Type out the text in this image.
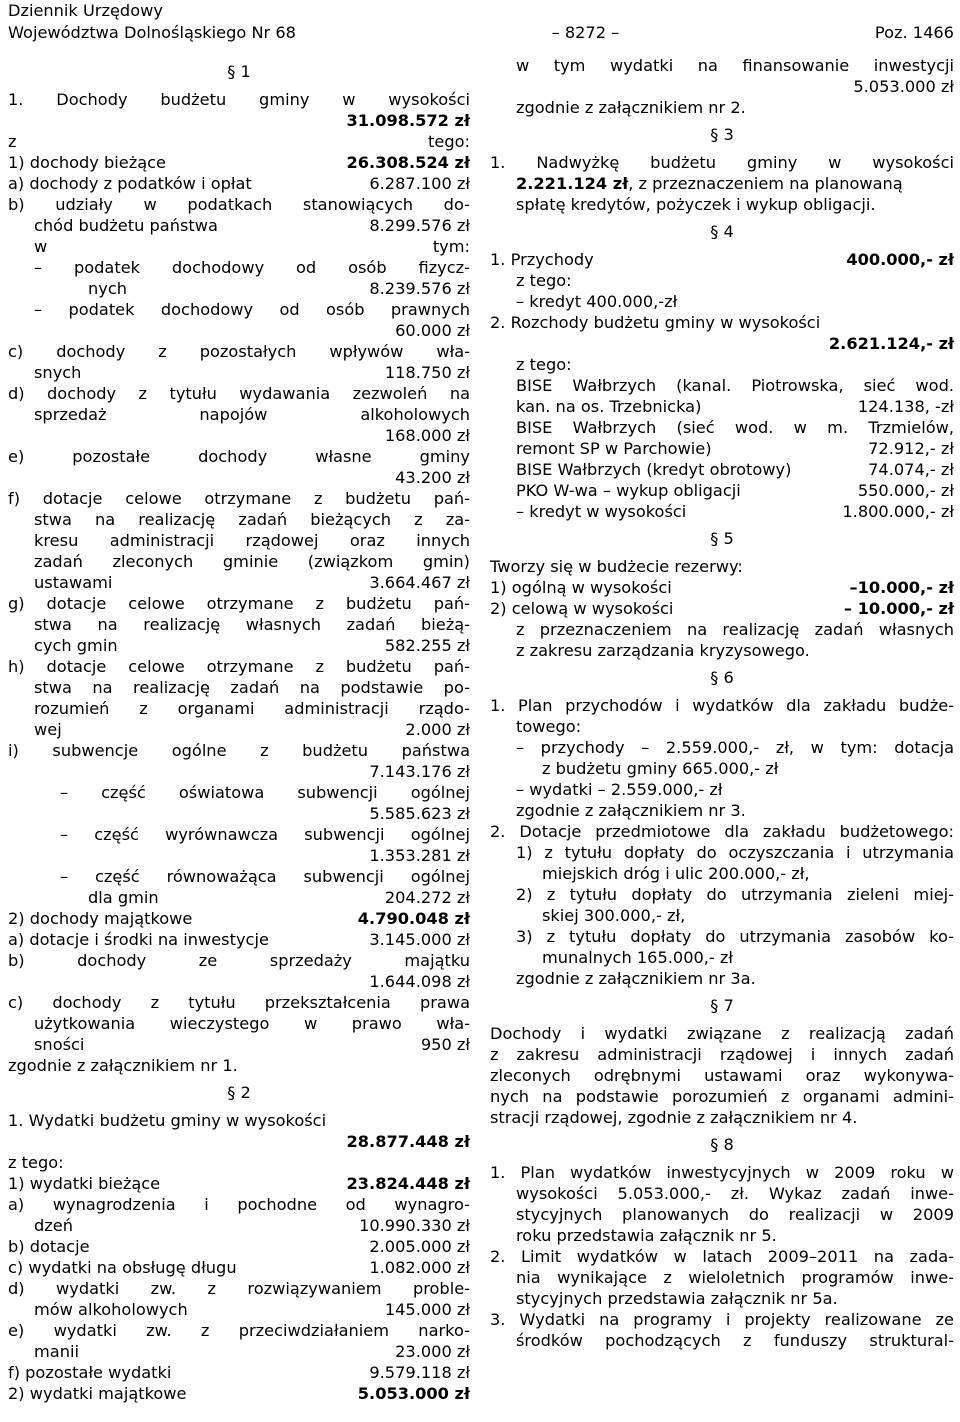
Dziennik Urzędowy
Województwa Dolnośląskiego Nr 68	– 8272 –	Poz. 1466
§ 1
1. Dochody budżetu gminy w wysokości
31.098.572 zł
z tego:
1) dochody bieżące	26.308.524 zł
a) dochody z podatków i opłat	6.287.100 zł
b) udziały w podatkach stanowiących do-
chód budżetu państwa	8.299.576 zł
w tym:
– podatek dochodowy od osób fizycz-
nych	8.239.576 zł
– podatek dochodowy od osób prawnych
60.000 zł
c) dochody z pozostałych wpływów wła-
snych	118.750 zł
d) dochody z tytułu wydawania zezwoleń na
sprzedaż napojów alkoholowych
168.000 zł
e) pozostałe dochody własne gminy
43.200 zł
f) dotacje celowe otrzymane z budżetu pań-
stwa na realizację zadań bieżących z za-
kresu administracji rządowej oraz innych
zadań zleconych gminie (związkom gmin)
ustawami	3.664.467 zł
g) dotacje celowe otrzymane z budżetu pań-
stwa na realizację własnych zadań bieżą-
cych gmin	582.255 zł
h) dotacje celowe otrzymane z budżetu pań-
stwa na realizację zadań na podstawie po-
rozumień z organami administracji rządo-
wej	2.000 zł
i) subwencje ogólne z budżetu państwa
7.143.176 zł
– część oświatowa subwencji ogólnej
5.585.623 zł
– część wyrównawcza subwencji ogólnej
1.353.281 zł
– część równoważąca subwencji ogólnej
dla gmin	204.272 zł
2) dochody majątkowe	4.790.048 zł
a) dotacje i środki na inwestycje	3.145.000 zł
b) dochody ze sprzedaży majątku
1.644.098 zł
c) dochody z tytułu przekształcenia prawa
użytkowania wieczystego w prawo wła-
sności	950 zł
zgodnie z załącznikiem nr 1.
§ 2
1. Wydatki budżetu gminy w wysokości
28.877.448 zł
z tego:
1) wydatki bieżące	23.824.448 zł
a) wynagrodzenia i pochodne od wynagro-
dzeń	10.990.330 zł
b) dotacje	2.005.000 zł
c) wydatki na obsługę długu	1.082.000 zł
d) wydatki zw. z rozwiązywaniem proble-
mów alkoholowych	145.000 zł
e) wydatki zw. z przeciwdziałaniem narko-
manii	23.000 zł
f) pozostałe wydatki	9.579.118 zł
2) wydatki majątkowe	5.053.000 zł
w tym wydatki na finansowanie inwestycji
5.053.000 zł
zgodnie z załącznikiem nr 2.
§ 3
1. Nadwyżkę budżetu gminy w wysokości
2.221.124 zł, z przeznaczeniem na planowaną
spłatę kredytów, pożyczek i wykup obligacji.
§ 4
1. Przychody	400.000,- zł
z tego:
– kredyt 400.000,-zł
2. Rozchody budżetu gminy w wysokości
2.621.124,- zł
z tego:
BISE Wałbrzych (kanal. Piotrowska, sieć wod.
kan. na os. Trzebnicka)	124.138, -zł
BISE Wałbrzych (sieć wod. w m. Trzmielów,
remont SP w Parchowie)	72.912,- zł
BISE Wałbrzych (kredyt obrotowy)	74.074,- zł
PKO W-wa – wykup obligacji	550.000,- zł
– kredyt w wysokości	1.800.000,- zł
§ 5
Tworzy się w budżecie rezerwy:
1) ogólną w wysokości	–10.000,- zł
2) celową w wysokości	– 10.000,- zł
z przeznaczeniem na realizację zadań własnych
z zakresu zarządzania kryzysowego.
§ 6
1. Plan przychodów i wydatków dla zakładu budże-
towego:
– przychody – 2.559.000,- zł, w tym: dotacja
z budżetu gminy 665.000,- zł
– wydatki – 2.559.000,- zł
zgodnie z załącznikiem nr 3.
2. Dotacje przedmiotowe dla zakładu budżetowego:
1) z tytułu dopłaty do oczyszczania i utrzymania
miejskich dróg i ulic 200.000,- zł,
2) z tytułu dopłaty do utrzymania zieleni miej-
skiej 300.000,- zł,
3) z tytułu dopłaty do utrzymania zasobów ko-
munalnych 165.000,- zł
zgodnie z załącznikiem nr 3a.
§ 7
Dochody i wydatki związane z realizacją zadań
z zakresu administracji rządowej i innych zadań
zleconych odrębnymi ustawami oraz wykonywa-
nych na podstawie porozumień z organami admini-
stracji rządowej, zgodnie z załącznikiem nr 4.
§ 8
1. Plan wydatków inwestycyjnych w 2009 roku w
wysokości 5.053.000,- zł. Wykaz zadań inwe-
stycyjnych planowanych do realizacji w 2009
roku przedstawia załącznik nr 5.
2. Limit wydatków w latach 2009–2011 na zada-
nia wynikające z wieloletnich programów inwe-
stycyjnych przedstawia załącznik nr 5a.
3. Wydatki na programy i projekty realizowane ze
środków pochodzących z funduszy struktural-
